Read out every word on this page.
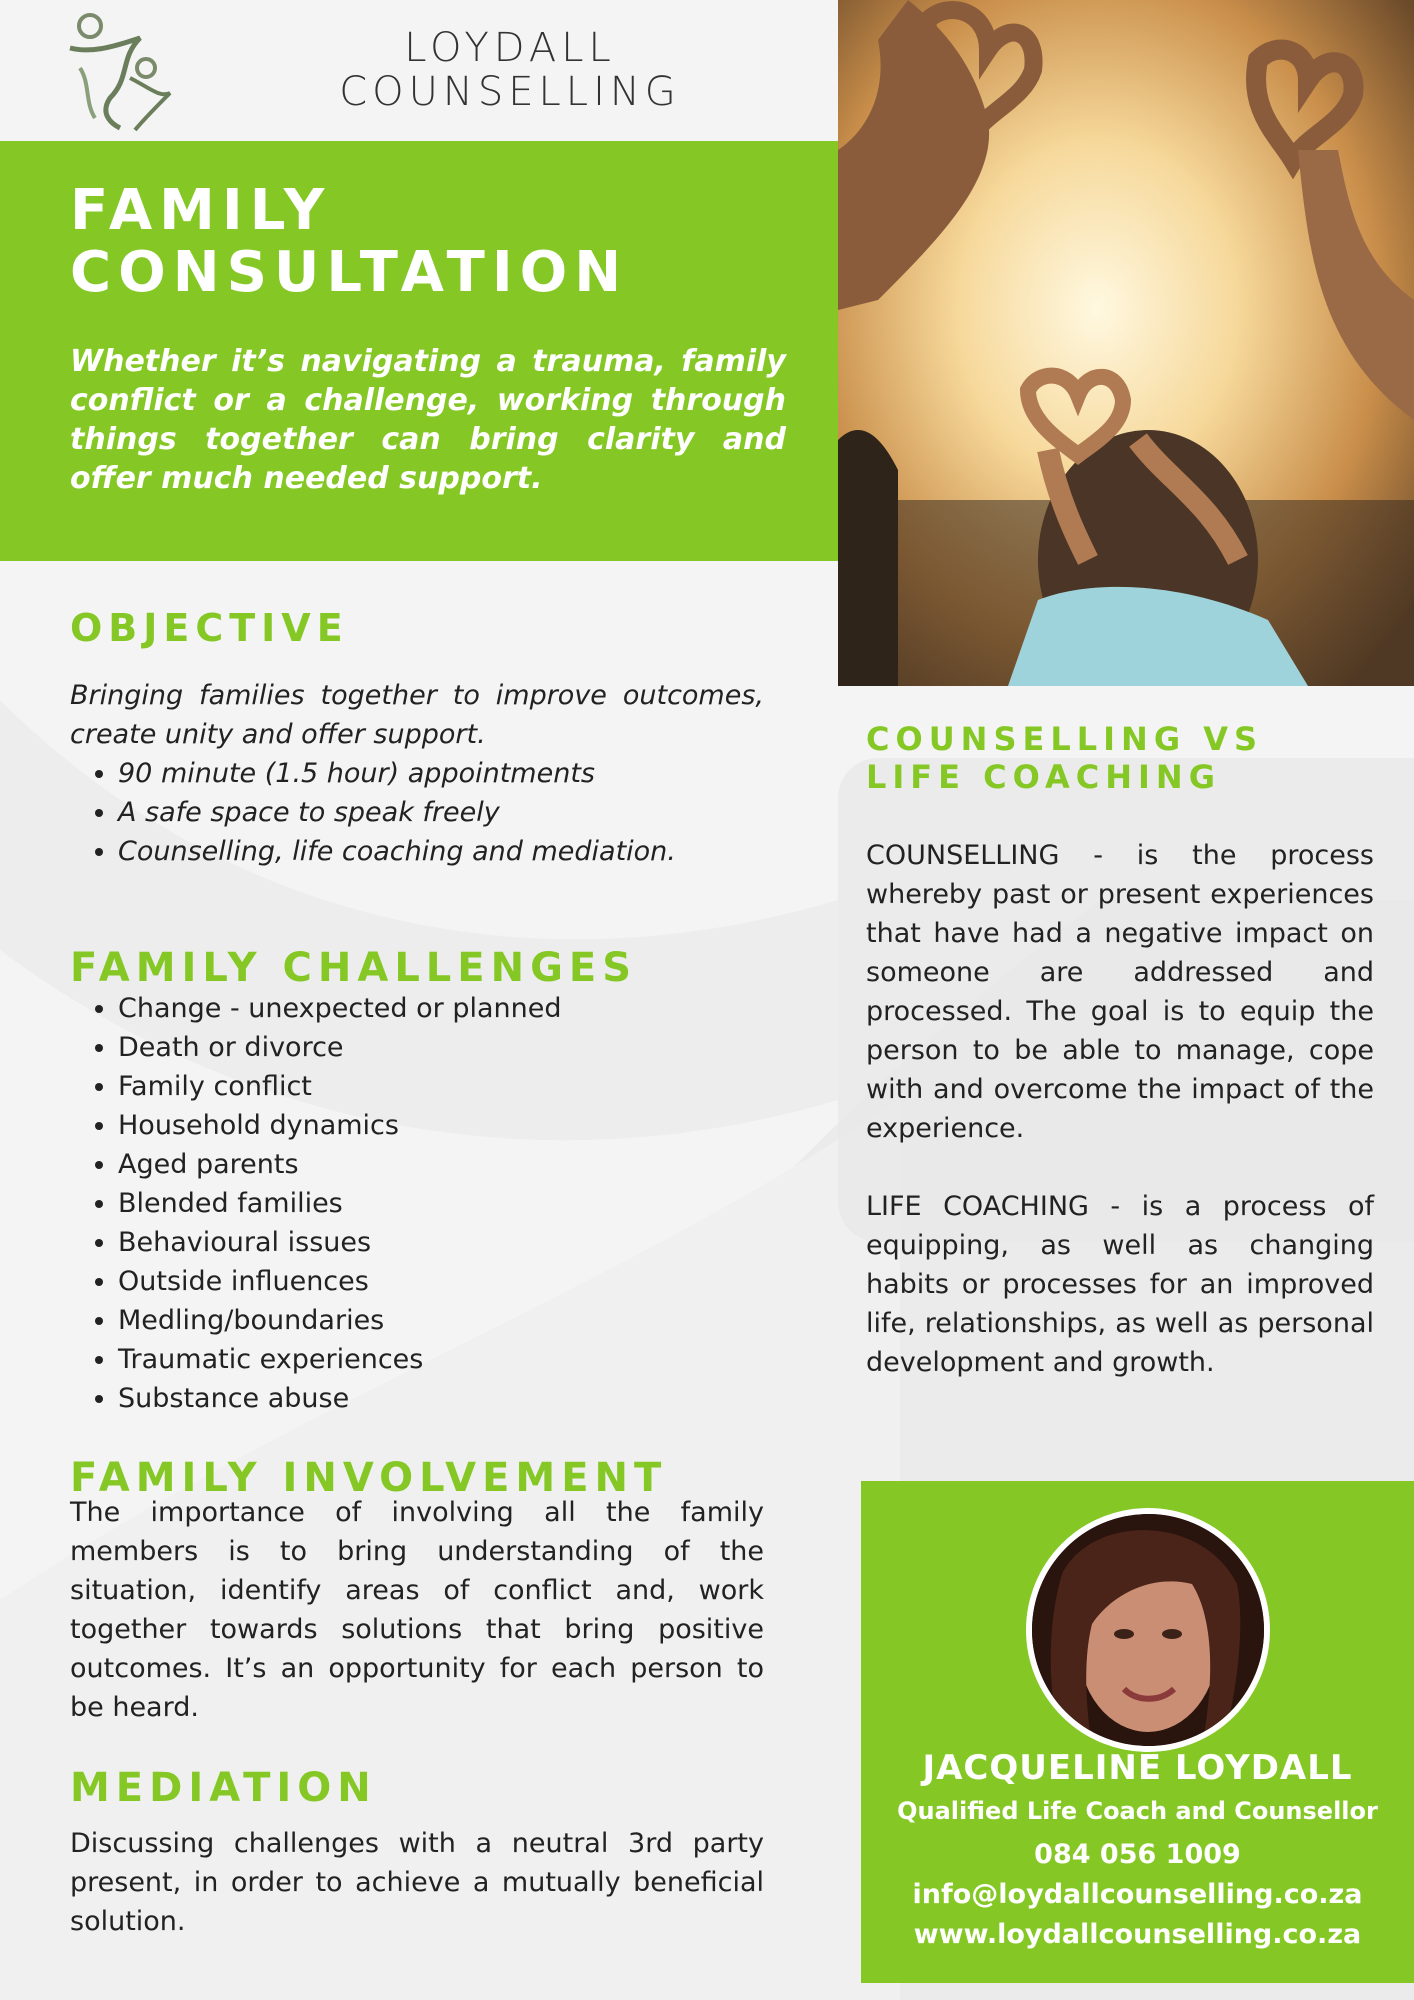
LOYDALL
COUNSELLING
FAMILY
CONSULTATION
Whether it’s navigating a trauma, family conflict or a challenge, working through things together can bring clarity and offer much needed support.
OBJECTIVE
Bringing families together to improve outcomes, create unity and offer support.
• 90 minute (1.5 hour) appointments
• A safe space to speak freely
• Counselling, life coaching and mediation.
FAMILY CHALLENGES
• Change - unexpected or planned
• Death or divorce
• Family conflict
• Household dynamics
• Aged parents
• Blended families
• Behavioural issues
• Outside influences
• Medling/boundaries
• Traumatic experiences
• Substance abuse
FAMILY INVOLVEMENT
The importance of involving all the family members is to bring understanding of the situation, identify areas of conflict and, work together towards solutions that bring positive outcomes. It’s an opportunity for each person to be heard.
MEDIATION
Discussing challenges with a neutral 3rd party present, in order to achieve a mutually beneficial solution.
COUNSELLING VS
LIFE COACHING
COUNSELLING - is the process whereby past or present experiences that have had a negative impact on someone are addressed and processed. The goal is to equip the person to be able to manage, cope with and overcome the impact of the experience.
LIFE COACHING - is a process of equipping, as well as changing habits or processes for an improved life, relationships, as well as personal development and growth.
JACQUELINE LOYDALL
Qualified Life Coach and Counsellor
084 056 1009
info@loydallcounselling.co.za
www.loydallcounselling.co.za
